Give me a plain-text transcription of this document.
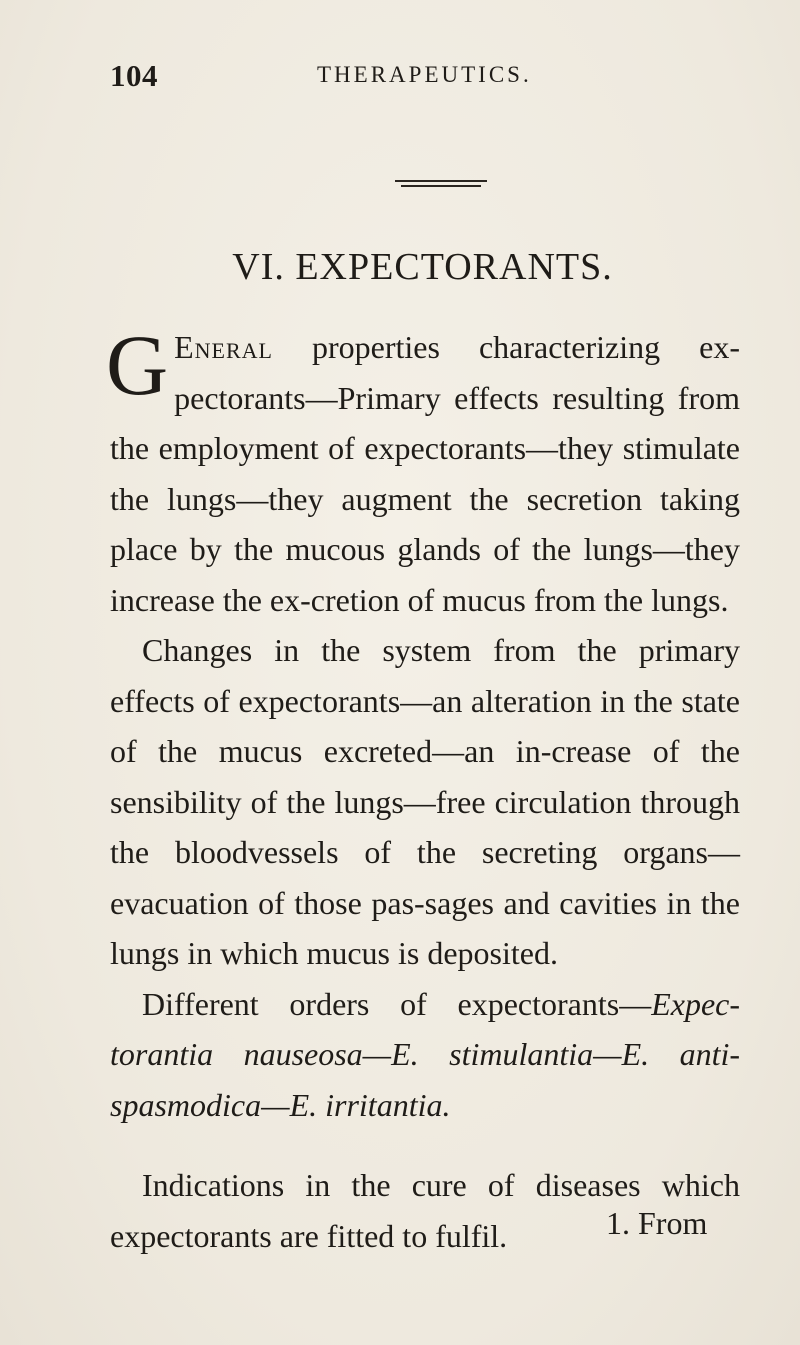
104	THERAPEUTICS.
VI. EXPECTORANTS.

G Eneral properties characterizing ex-pectorants—Primary effects resulting from the employment of expectorants—they stimulate the lungs—they augment the secretion taking place by the mucous glands of the lungs—they increase the ex-cretion of mucus from the lungs.

Changes in the system from the primary effects of expectorants—an alteration in the state of the mucus excreted—an in-crease of the sensibility of the lungs—free circulation through the bloodvessels of the secreting organs—evacuation of those pas-sages and cavities in the lungs in which mucus is deposited.

Different orders of expectorants—Expec-torantia nauseosa—E. stimulantia—E. anti-spasmodica—E. irritantia.

Indications in the cure of diseases which expectorants are fitted to fulfil.	1. From
